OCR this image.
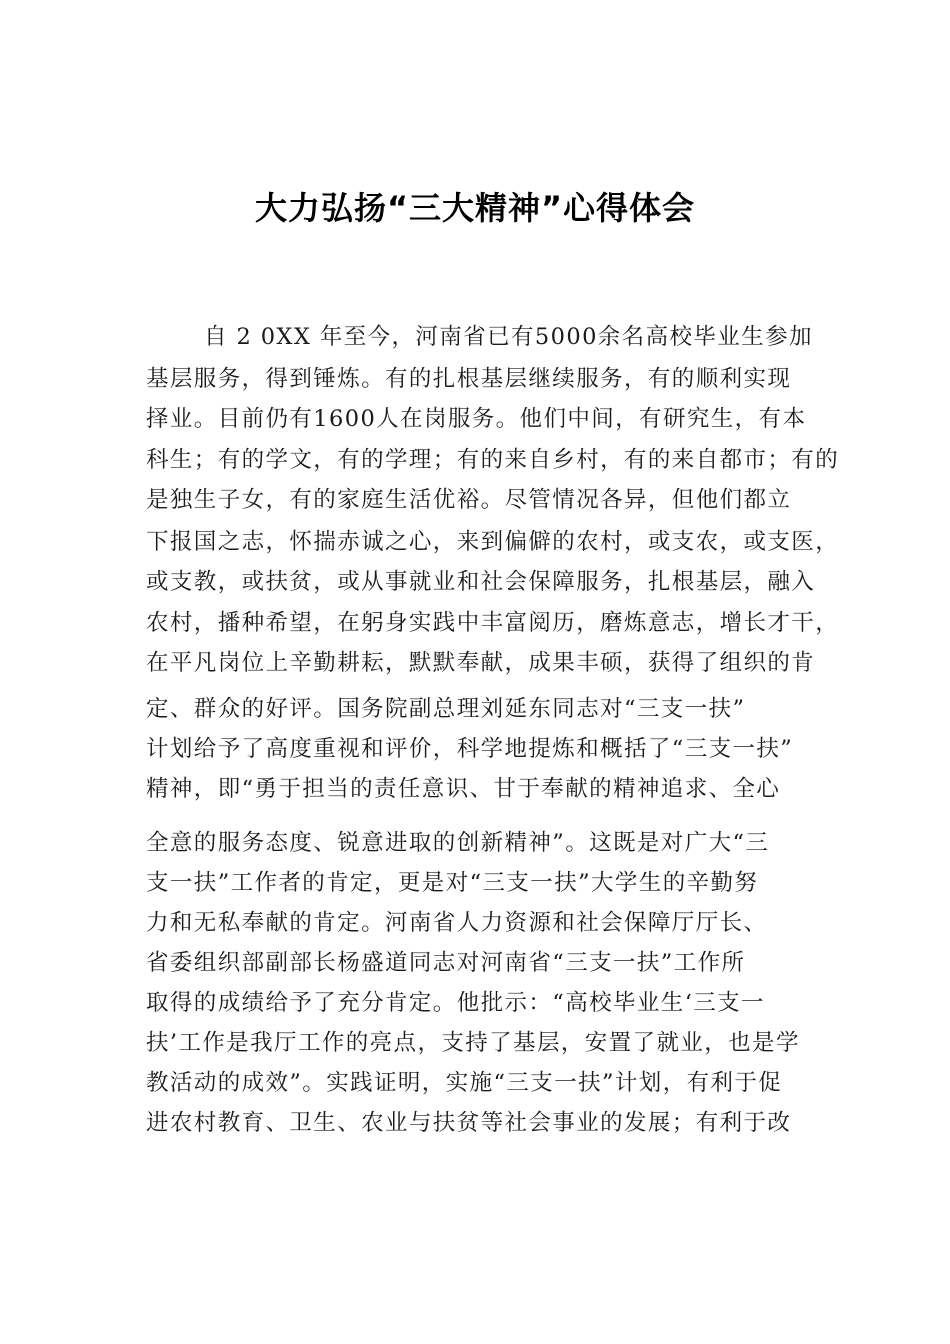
大力弘扬“三大精神”心得体会
自 2 0XX 年至今，河南省已有5000余名高校毕业生参加
基层服务，得到锤炼。有的扎根基层继续服务，有的顺利实现
择业。目前仍有1600人在岗服务。他们中间，有研究生，有本
科生；有的学文，有的学理；有的来自乡村，有的来自都市；有的
是独生子女，有的家庭生活优裕。尽管情况各异，但他们都立
下报国之志，怀揣赤诚之心，来到偏僻的农村，或支农，或支医，
或支教，或扶贫，或从事就业和社会保障服务，扎根基层，融入
农村，播种希望，在躬身实践中丰富阅历，磨炼意志，增长才干，
在平凡岗位上辛勤耕耘，默默奉献，成果丰硕，获得了组织的肯
定、群众的好评。国务院副总理刘延东同志对“三支一扶”
计划给予了高度重视和评价，科学地提炼和概括了“三支一扶”
精神，即“勇于担当的责任意识、甘于奉献的精神追求、全心
全意的服务态度、锐意进取的创新精神”。这既是对广大“三
支一扶”工作者的肯定，更是对“三支一扶”大学生的辛勤努
力和无私奉献的肯定。河南省人力资源和社会保障厅厅长、
省委组织部副部长杨盛道同志对河南省“三支一扶”工作所
取得的成绩给予了充分肯定。他批示：“高校毕业生‘三支一
扶’工作是我厅工作的亮点，支持了基层，安置了就业，也是学
教活动的成效”。实践证明，实施“三支一扶”计划，有利于促
进农村教育、卫生、农业与扶贫等社会事业的发展；有利于改
